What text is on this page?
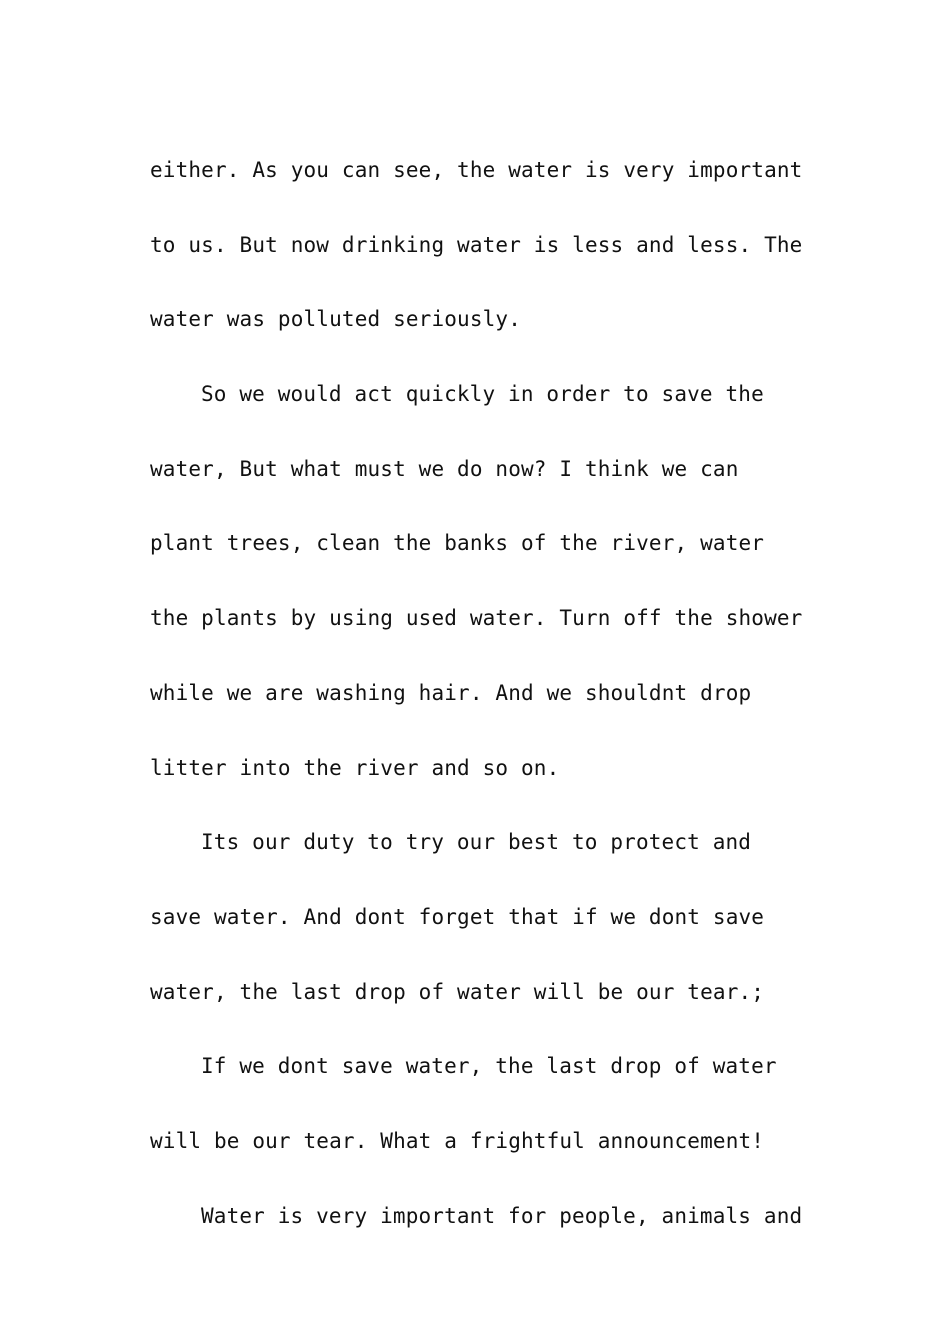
either. As you can see, the water is very important
to us. But now drinking water is less and less. The
water was polluted seriously.
So we would act quickly in order to save the
water, But what must we do now? I think we can
plant trees, clean the banks of the river, water
the plants by using used water. Turn off the shower
while we are washing hair. And we shouldnt drop
litter into the river and so on.
Its our duty to try our best to protect and
save water. And dont forget that if we dont save
water, the last drop of water will be our tear.;
If we dont save water, the last drop of water
will be our tear. What a frightful announcement!
Water is very important for people, animals and
